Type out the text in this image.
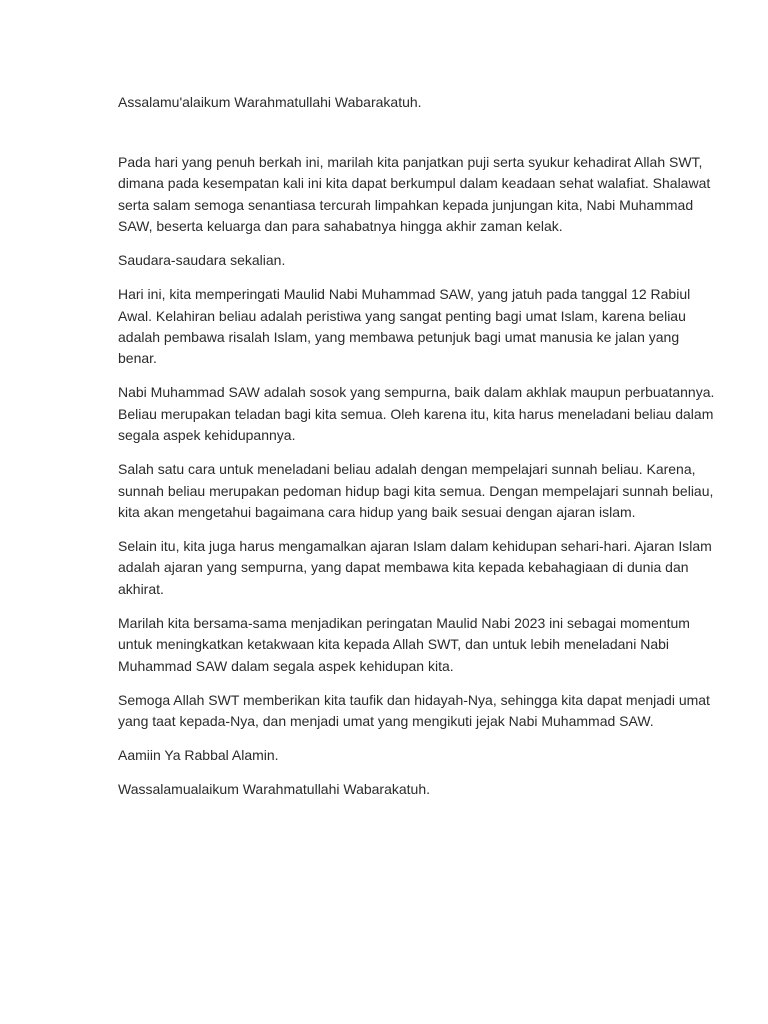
Assalamu'alaikum Warahmatullahi Wabarakatuh.

Pada hari yang penuh berkah ini, marilah kita panjatkan puji serta syukur kehadirat Allah SWT,
dimana pada kesempatan kali ini kita dapat berkumpul dalam keadaan sehat walafiat. Shalawat
serta salam semoga senantiasa tercurah limpahkan kepada junjungan kita, Nabi Muhammad
SAW, beserta keluarga dan para sahabatnya hingga akhir zaman kelak.

Saudara-saudara sekalian.

Hari ini, kita memperingati Maulid Nabi Muhammad SAW, yang jatuh pada tanggal 12 Rabiul
Awal. Kelahiran beliau adalah peristiwa yang sangat penting bagi umat Islam, karena beliau
adalah pembawa risalah Islam, yang membawa petunjuk bagi umat manusia ke jalan yang
benar.

Nabi Muhammad SAW adalah sosok yang sempurna, baik dalam akhlak maupun perbuatannya.
Beliau merupakan teladan bagi kita semua. Oleh karena itu, kita harus meneladani beliau dalam
segala aspek kehidupannya.

Salah satu cara untuk meneladani beliau adalah dengan mempelajari sunnah beliau. Karena,
sunnah beliau merupakan pedoman hidup bagi kita semua. Dengan mempelajari sunnah beliau,
kita akan mengetahui bagaimana cara hidup yang baik sesuai dengan ajaran islam.

Selain itu, kita juga harus mengamalkan ajaran Islam dalam kehidupan sehari-hari. Ajaran Islam
adalah ajaran yang sempurna, yang dapat membawa kita kepada kebahagiaan di dunia dan
akhirat.

Marilah kita bersama-sama menjadikan peringatan Maulid Nabi 2023 ini sebagai momentum
untuk meningkatkan ketakwaan kita kepada Allah SWT, dan untuk lebih meneladani Nabi
Muhammad SAW dalam segala aspek kehidupan kita.

Semoga Allah SWT memberikan kita taufik dan hidayah-Nya, sehingga kita dapat menjadi umat
yang taat kepada-Nya, dan menjadi umat yang mengikuti jejak Nabi Muhammad SAW.

Aamiin Ya Rabbal Alamin.

Wassalamualaikum Warahmatullahi Wabarakatuh.
